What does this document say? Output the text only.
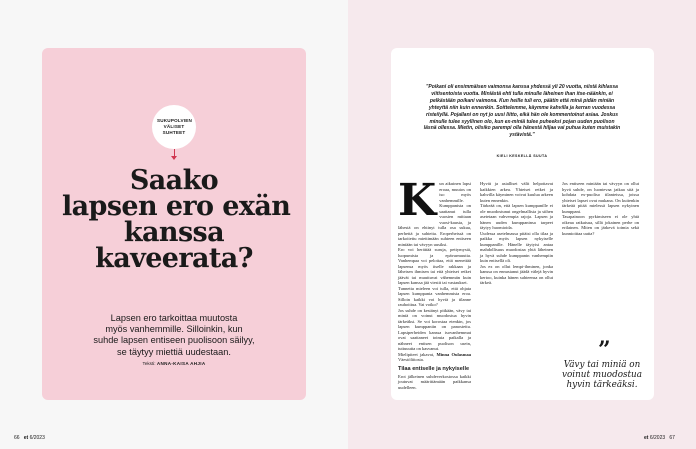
SUKUPOLVIEN
VÄLISET
SUHTEET
Saako
lapsen ero exän
kanssa
kaveerata?
Lapsen ero tarkoittaa muutosta
myös vanhemmille. Silloinkin, kun
suhde lapsen entiseen puolisoon säilyy,
se täytyy miettiä uudestaan.
Teksti: ANNA-KAISA AHJIA
66 et 6/2023
"Poikani oli ensimmäisen vaimonsa kanssa yhdessä yli 20 vuotta, niistä kihlassa viitisentoista vuotta. Miniästä ehti tulla minulle läheinen ihan itse-näänkin, ei pelkästään poikani vaimona. Kun heille tuli ero, päätin että minä pidän miniän yhteyttä niin kuin ennenkin. Soittelemme, käymme kahvilla ja kerran vuodessa risteilyllä. Pojallani on nyt jo uusi liitto, eikä hän ole kommentoinut asiaa. Joskus minulle tulee syyllinen olo, kun ex-miniä tulee puheeksi pojan uuden puolison läsnä ollessa. Mietin, olisiko parempi olla hänestä hiljaa vai puhua kuten muistakin ystävistä."
KIELI KESKELLÄ SUUTA
K un aikuinen lapsi eroaa, muutos on iso myös vanhemmille. Kumppanista on saattanut tulla vuosien mittaan vuosi-kausia, ja lähestä on ehtinyt tulla osa sukua, perhettä ja suhteita. Eroperheissä on tarkoitettu miettimään suhteen entiseen miniään tai vävyyn uusiksi.

Ero voi herättää suruja, pettymystä, luopumista ja epävarmuutta. Vanhempaa voi pelottaa, että menettää lapsensa myös itselle rakkaan ja läheisen ihmisen tai että yhteiset retket jäävät tai muuttuvat vähemmän kuin lapsen kanssa jää viestit tai vastaukset.

Tunnetta mieleen voi tulla, että ohjata lapsen kumppania vanhemmista eroa. Silloin kaikki voi hyviä ja tilanne rauhoittua. Vai voiko?

Jos suhde on kestänyt pitkään, vävy tai miniä on voinut muodostua hyvin tärkeäksi. Se voi korostaa etenkin, jos lapsen kumppaniin on panostettu. Lapsiperheiden kanssa isovanhemmat ovat saattaneet toimia paikalla ja nähneet entisen puolison usein, tuttuuutta on kasvanut.

Mielipiteet jakavat, Minna Oulasmaa Väestöliitosta.

Tilaa entiselle ja nykyiselle

Erot jälkeinen suhdeverkostossa kaikki joutuvat määrittämään paikkansa uudelleen.

Hyvät ja asialliset välit helpottavat kaikkien arkea. Yhteiset retket ja kahvilla käyminen voivat kuulua arkeen kuten ennenkin.

Tärkeää on, että lapsen kumppanille ei ole muodostunut ongelmallisia ja siihen asetetaan vahvempia rajoja. Lapsen ja hänen uuden kumppaninsa tarpeet täytyy huomioida.

Uudessa asetelmassa pitäisi olla tilaa ja paikka myös lapsen nykyiselle kumppanille. Hänelle täytyisi antaa mahdollisuus muodostaa yhtä läheinen ja hyvä suhde kumppanin vanhempiin kuin entisellä oli.

Jos ex on ollut lempi-ihminen, jonka kanssa on ennustanut jäädä välejä hyvin kertoo, kuinka hänen suhteensa on ollut tärkeä.

Jos entiseen miniään tai vävyyn on ollut hyvä suhde, on luontevaa jatkaa sitä ja kohdata ex-puoliso tilanteissa, joissa yhteiset lapset ovat mukana. On kuitenkin tärkeää pitää mielessä lapsen nykyinen kumppani.

Tasapainoon pyrkimiseen ei ole yhtä oikeaa ratkaisua, sillä jokainen perhe on erilainen. Miten on järkevä toimia sekä kunnioittaa uutta?

”
Vävy tai miniä on voinut muodostua hyvin tärkeäksi.
et 6/2023 67
